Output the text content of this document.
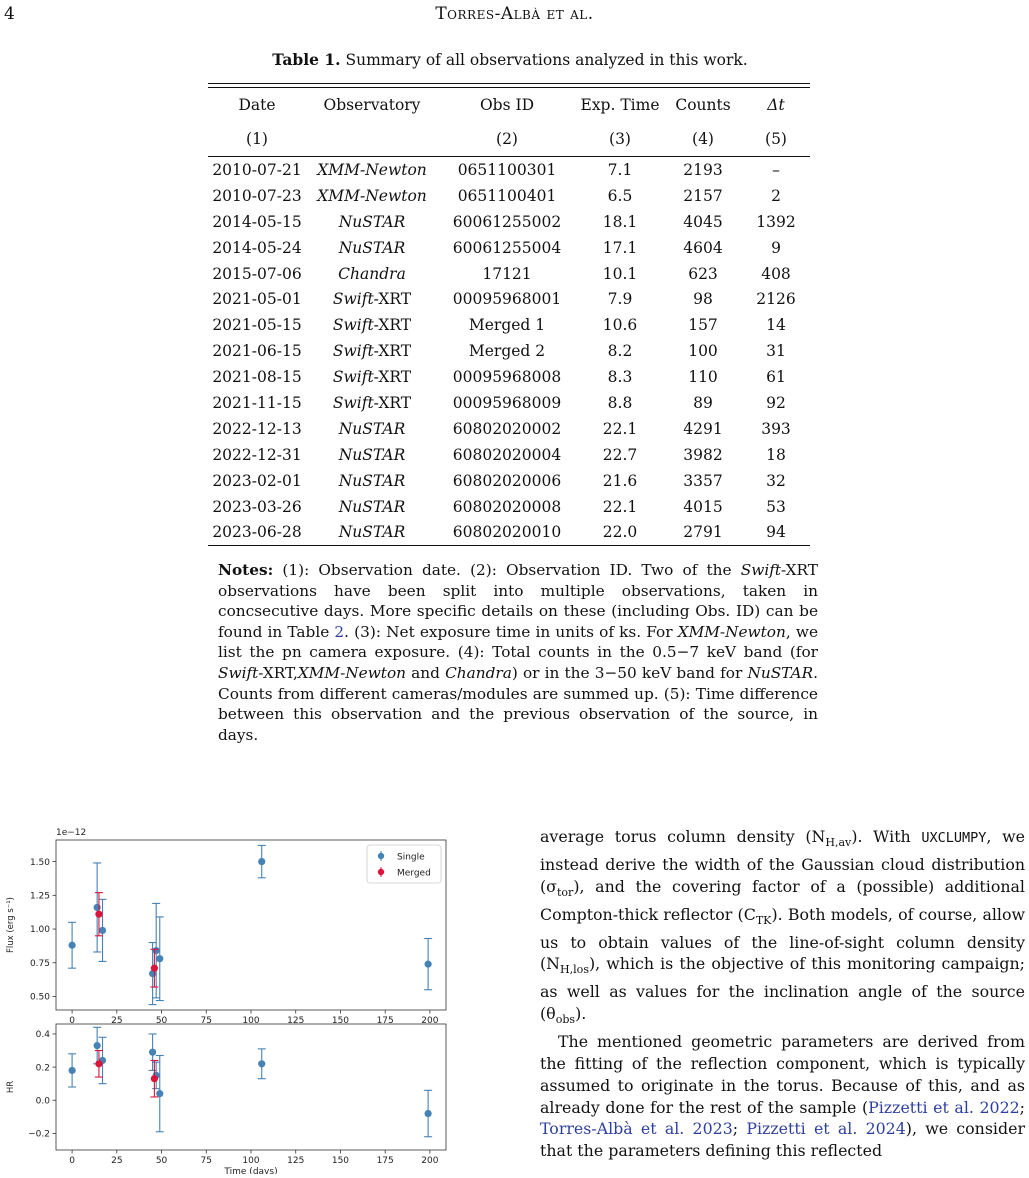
4	Torres-Albà et al.
Table 1. Summary of all observations analyzed in this work.
Date	Observatory	Obs ID	Exp. Time	Counts	Δt
(1)		(2)	(3)	(4)	(5)
2010-07-21	XMM-Newton	0651100301	7.1	2193	–
2010-07-23	XMM-Newton	0651100401	6.5	2157	2
2014-05-15	NuSTAR	60061255002	18.1	4045	1392
2014-05-24	NuSTAR	60061255004	17.1	4604	9
2015-07-06	Chandra	17121	10.1	623	408
2021-05-01	Swift-XRT	00095968001	7.9	98	2126
2021-05-15	Swift-XRT	Merged 1	10.6	157	14
2021-06-15	Swift-XRT	Merged 2	8.2	100	31
2021-08-15	Swift-XRT	00095968008	8.3	110	61
2021-11-15	Swift-XRT	00095968009	8.8	89	92
2022-12-13	NuSTAR	60802020002	22.1	4291	393
2022-12-31	NuSTAR	60802020004	22.7	3982	18
2023-02-01	NuSTAR	60802020006	21.6	3357	32
2023-03-26	NuSTAR	60802020008	22.1	4015	53
2023-06-28	NuSTAR	60802020010	22.0	2791	94
Notes: (1): Observation date. (2): Observation ID. Two of the Swift-XRT observations have been split into multiple observations, taken in concsecutive days. More specific details on these (including Obs. ID) can be found in Table 2. (3): Net exposure time in units of ks. For XMM-Newton, we list the pn camera exposure. (4): Total counts in the 0.5−7 keV band (for Swift-XRT,XMM-Newton and Chandra) or in the 3−50 keV band for NuSTAR. Counts from different cameras/modules are summed up. (5): Time difference between this observation and the previous observation of the source, in days.
0	25	50	75	100	125	150	175	200
0.50
0.75
1.00
1.25
1.50
Flux (erg s⁻¹)
1e−12
Single
Merged
0	25	50	75	100	125	150	175	200
−0.2
0.0
0.2
0.4
HR
Time (days)

average torus column density $(N_{H,av})$. With UXCLUMPY, we instead derive the width of the Gaussian cloud distribution $(\sigma_{tor})$, and the covering factor of a (possible) additional Compton-thick reflector $(C_{TK})$. Both models, of course, allow us to obtain values of the line-of-sight column density $(N_{H,los})$, which is the objective of this monitoring campaign; as well as values for the inclination angle of the source $(\theta_{obs})$.

The mentioned geometric parameters are derived from the fitting of the reflection component, which is typically assumed to originate in the torus. Because of this, and as already done for the rest of the sample (Pizzetti et al. 2022; Torres-Albà et al. 2023; Pizzetti et al. 2024), we consider that the parameters defining this reflected
